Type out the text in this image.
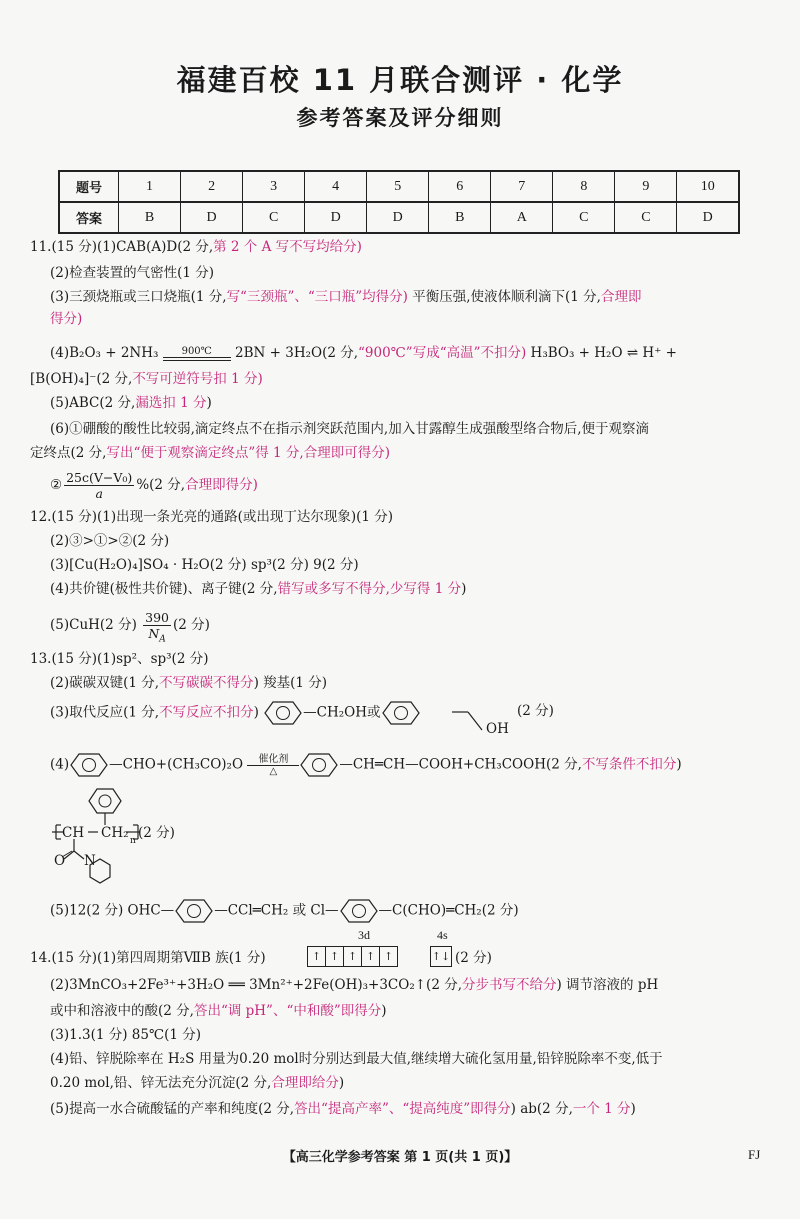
福建百校 11 月联合测评 · 化学
参考答案及评分细则
题号	1	2	3	4	5	6	7	8	9	10
答案	B	D	C	D	D	B	A	C	C	D
11.(15 分)(1)CAB(A)D(2 分,第 2 个 A 写不写均给分)
(2)检查装置的气密性(1 分)
(3)三颈烧瓶或三口烧瓶(1 分,写“三颈瓶”、“三口瓶”均得分) 平衡压强,使液体顺利滴下(1 分,合理即
得分)
(4)B₂O₃ + 2NH₃	900℃	2BN + 3H₂O(2 分,“900℃”写成“高温”不扣分) H₃BO₃ + H₂O ⇌ H⁺ +
[B(OH)₄]⁻(2 分,不写可逆符号扣 1 分)
(5)ABC(2 分,漏选扣 1 分)
(6)①硼酸的酸性比较弱,滴定终点不在指示剂突跃范围内,加入甘露醇生成强酸型络合物后,便于观察滴
定终点(2 分,写出“便于观察滴定终点”得 1 分,合理即可得分)
② $\frac{\text{25c(V−V₀)}}{a} \%(2$ 分,合理即得分)
12.(15 分)(1)出现一条光亮的通路(或出现丁达尔现象)(1 分)
(2)③>①>②(2 分)
(3)[Cu(H₂O)₄]SO₄ · H₂O(2 分) sp³(2 分) 9(2 分)
(4)共价键(极性共价键)、离子键(2 分,错写或多写不得分,少写得 1 分)
(5)CuH(2 分) $\frac{390}{N_A} (2$ 分)
13.(15 分)(1)sp²、sp³(2 分)
(2)碳碳双键(1 分,不写碳碳不得分) 羧基(1 分)
(3)取代反应(1 分,不写反应不扣分)	—CH₂OH或
OH
(2 分)
(4)	—CHO+(CH₃CO)₂O	催化剂
△	—CH═CH—COOH+CH₃COOH(2 分,不写条件不扣分)
CH	CH₂ (2 分)
n
O	N
(5)12(2 分) OHC—	—CCl═CH₂ 或 Cl—	—C(CHO)═CH₂(2 分)
14.(15 分)(1)第四周期第ⅦB 族(1 分)
3d	4s
↑ ↑ ↑ ↑ ↑	↑↓ (2 分)
(2)3MnCO₃+2Fe³⁺+3H₂O ══ 3Mn²⁺+2Fe(OH)₃+3CO₂↑(2 分,分步书写不给分) 调节溶液的 pH
或中和溶液中的酸(2 分,答出“调 pH”、“中和酸”即得分)
(3)1.3(1 分) 85℃(1 分)
(4)铅、锌脱除率在 H₂S 用量为0.20 mol时分别达到最大值,继续增大硫化氢用量,铅锌脱除率不变,低于
0.20 mol,铅、锌无法充分沉淀(2 分,合理即给分)
(5)提高一水合硫酸锰的产率和纯度(2 分,答出“提高产率”、“提高纯度”即得分) ab(2 分,一个 1 分)
【高三化学参考答案 第 1 页(共 1 页)】	FJ
